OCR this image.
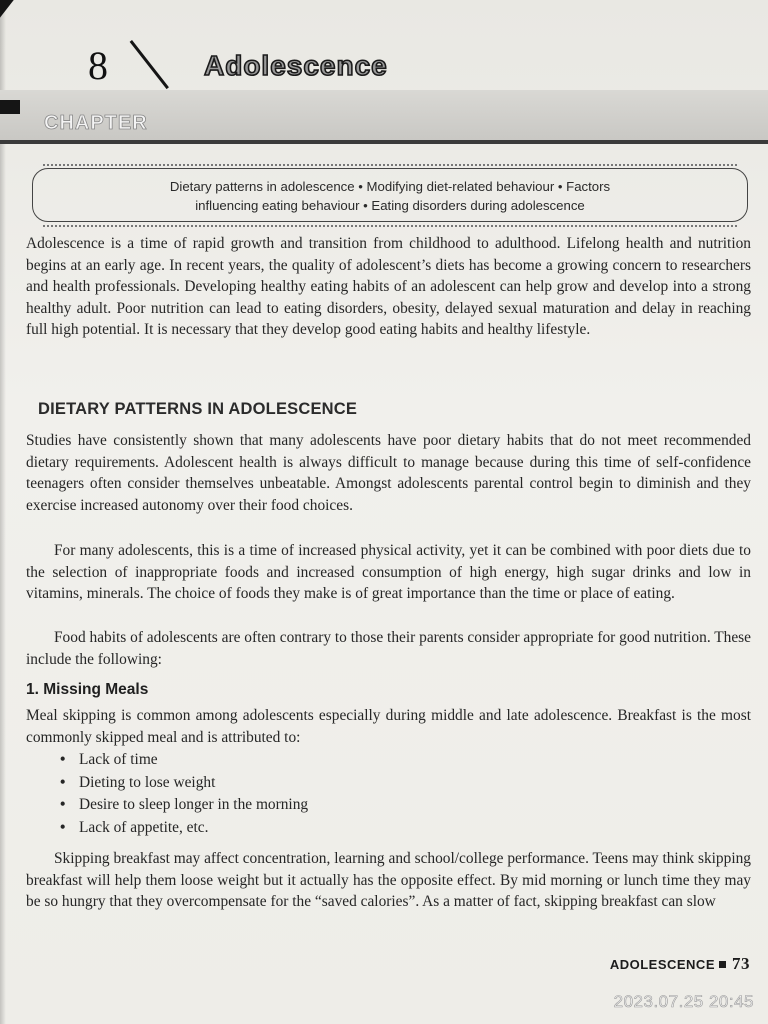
8	Adolescence
CHAPTER
Dietary patterns in adolescence • Modifying diet-related behaviour • Factors
influencing eating behaviour • Eating disorders during adolescence

Adolescence is a time of rapid growth and transition from childhood to adulthood. Lifelong health and nutrition begins at an early age. In recent years, the quality of adolescent’s diets has become a growing concern to researchers and health professionals. Developing healthy eating habits of an adolescent can help grow and develop into a strong healthy adult. Poor nutrition can lead to eating disorders, obesity, delayed sexual maturation and delay in reaching full high potential. It is necessary that they develop good eating habits and healthy lifestyle.

DIETARY PATTERNS IN ADOLESCENCE

Studies have consistently shown that many adolescents have poor dietary habits that do not meet recommended dietary requirements. Adolescent health is always difficult to manage because during this time of self-confidence teenagers often consider themselves unbeatable. Amongst adolescents parental control begin to diminish and they exercise increased autonomy over their food choices.

For many adolescents, this is a time of increased physical activity, yet it can be combined with poor diets due to the selection of inappropriate foods and increased consumption of high energy, high sugar drinks and low in vitamins, minerals. The choice of foods they make is of great importance than the time or place of eating.

Food habits of adolescents are often contrary to those their parents consider appropriate for good nutrition. These include the following:

1. Missing Meals

Meal skipping is common among adolescents especially during middle and late adolescence. Breakfast is the most commonly skipped meal and is attributed to:

• Lack of time
• Dieting to lose weight
• Desire to sleep longer in the morning
• Lack of appetite, etc.

Skipping breakfast may affect concentration, learning and school/college performance. Teens may think skipping breakfast will help them loose weight but it actually has the opposite effect. By mid morning or lunch time they may be so hungry that they overcompensate for the “saved calories”. As a matter of fact, skipping breakfast can slow

ADOLESCENCE 73
2023.07.25 20:45
